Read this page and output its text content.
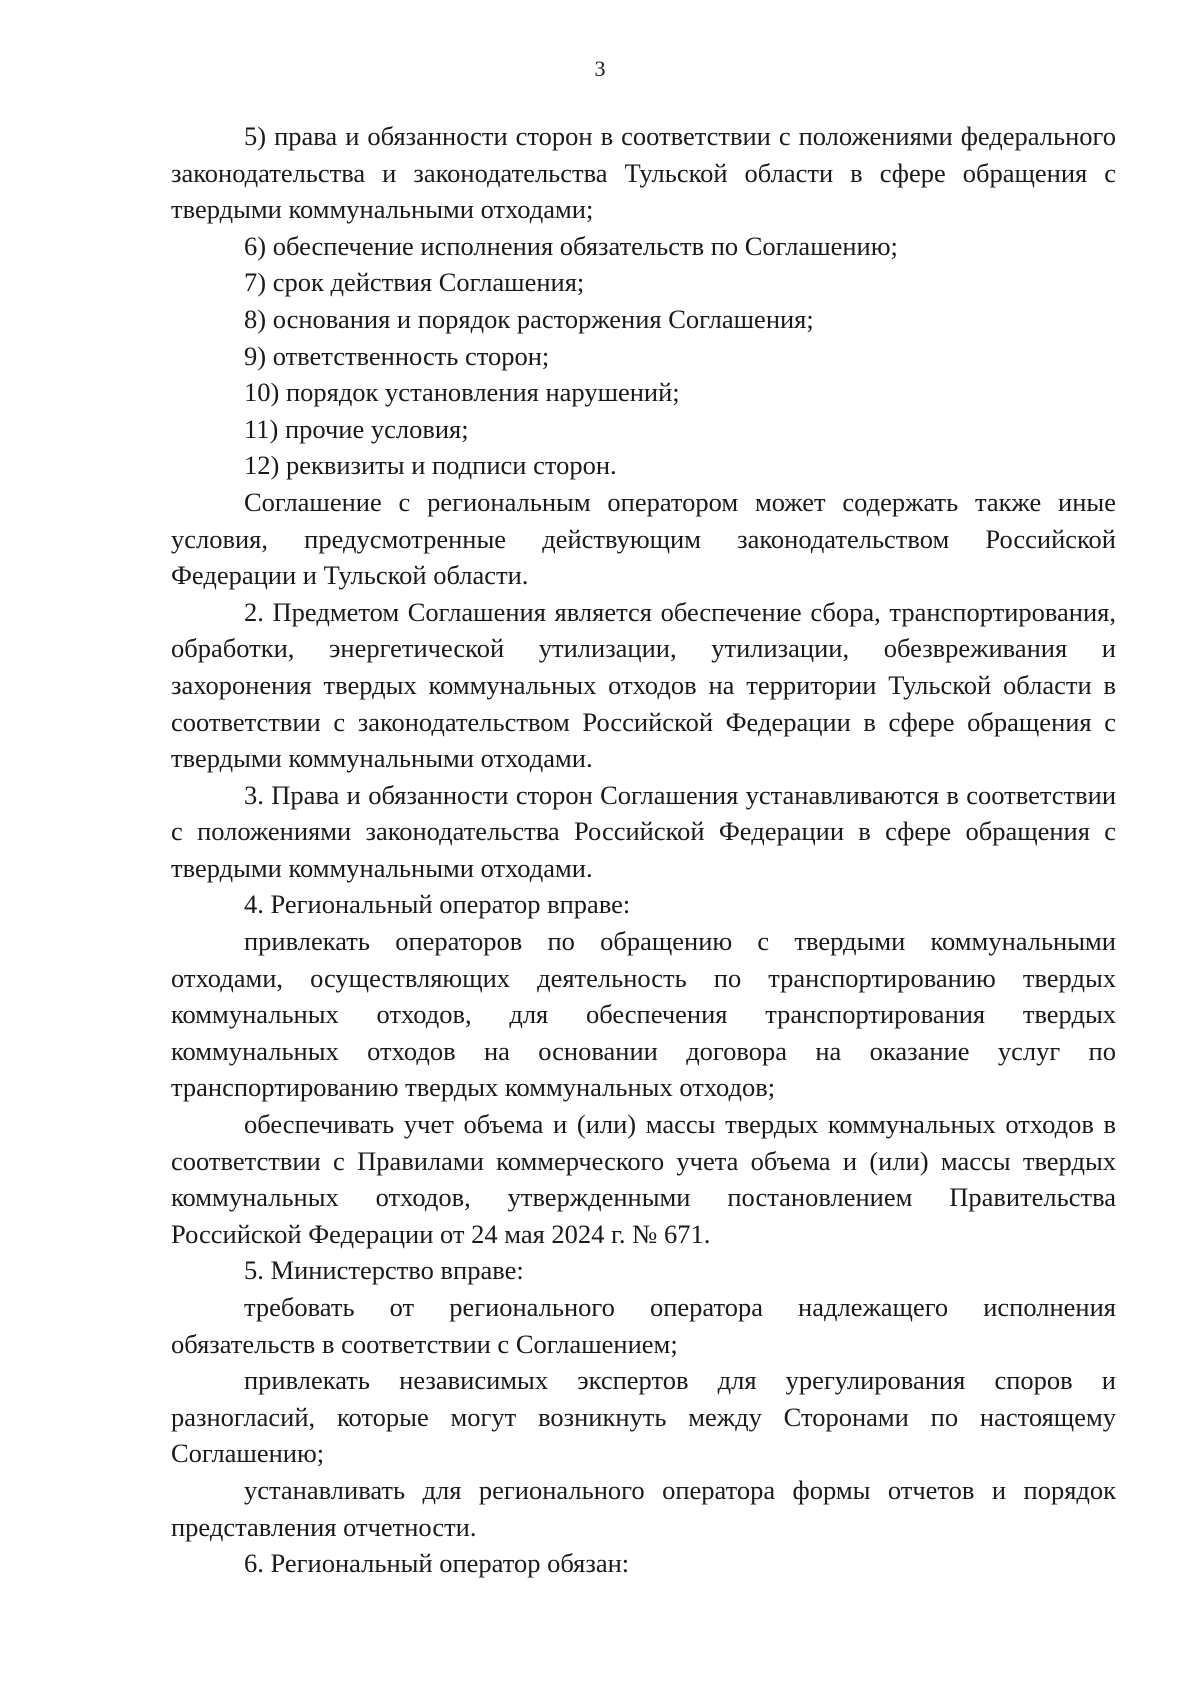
3

5) права и обязанности сторон в соответствии с положениями федерального законодательства и законодательства Тульской области в сфере обращения с твердыми коммунальными отходами;

6) обеспечение исполнения обязательств по Соглашению;

7) срок действия Соглашения;

8) основания и порядок расторжения Соглашения;

9) ответственность сторон;

10) порядок установления нарушений;

11) прочие условия;

12) реквизиты и подписи сторон.

Соглашение с региональным оператором может содержать также иные условия, предусмотренные действующим законодательством Российской Федерации и Тульской области.

2. Предметом Соглашения является обеспечение сбора, транспортирования, обработки, энергетической утилизации, утилизации, обезвреживания и захоронения твердых коммунальных отходов на территории Тульской области в соответствии с законодательством Российской Федерации в сфере обращения с твердыми коммунальными отходами.

3. Права и обязанности сторон Соглашения устанавливаются в соответствии с положениями законодательства Российской Федерации в сфере обращения с твердыми коммунальными отходами.

4. Региональный оператор вправе:

привлекать операторов по обращению с твердыми коммунальными отходами, осуществляющих деятельность по транспортированию твердых коммунальных отходов, для обеспечения транспортирования твердых коммунальных отходов на основании договора на оказание услуг по транспортированию твердых коммунальных отходов;

обеспечивать учет объема и (или) массы твердых коммунальных отходов в соответствии с Правилами коммерческого учета объема и (или) массы твердых коммунальных отходов, утвержденными постановлением Правительства Российской Федерации от 24 мая 2024 г. № 671.

5. Министерство вправе:

требовать от регионального оператора надлежащего исполнения обязательств в соответствии с Соглашением;

привлекать независимых экспертов для урегулирования споров и разногласий, которые могут возникнуть между Сторонами по настоящему Соглашению;

устанавливать для регионального оператора формы отчетов и порядок представления отчетности.

6. Региональный оператор обязан:
